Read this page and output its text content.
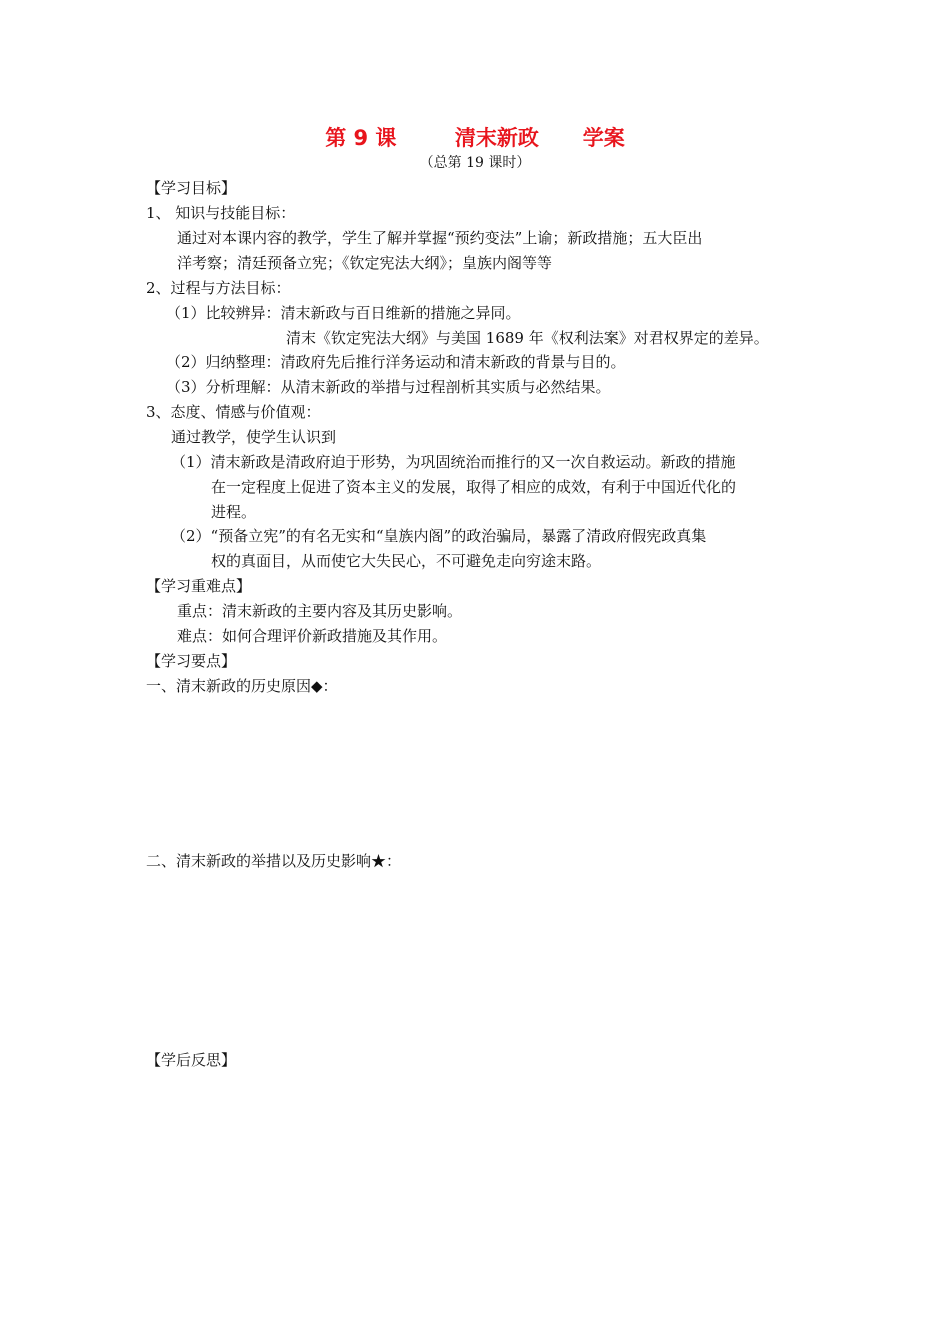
第 9 课        清末新政      学案
（总第 19 课时）
【学习目标】
1、 知识与技能目标：
通过对本课内容的教学，学生了解并掌握“预约变法”上谕；新政措施；五大臣出
洋考察；清廷预备立宪；《钦定宪法大纲》；皇族内阁等等
2、过程与方法目标：
（1）比较辨异：清末新政与百日维新的措施之异同。
清末《钦定宪法大纲》与美国 1689 年《权利法案》对君权界定的差异。
（2）归纳整理：清政府先后推行洋务运动和清末新政的背景与目的。
（3）分析理解：从清末新政的举措与过程剖析其实质与必然结果。
3、态度、情感与价值观：
通过教学，使学生认识到
（1）清末新政是清政府迫于形势，为巩固统治而推行的又一次自救运动。新政的措施
在一定程度上促进了资本主义的发展，取得了相应的成效，有利于中国近代化的
进程。
（2）“预备立宪”的有名无实和“皇族内阁”的政治骗局，暴露了清政府假宪政真集
权的真面目，从而使它大失民心，不可避免走向穷途末路。
【学习重难点】
重点：清末新政的主要内容及其历史影响。
难点：如何合理评价新政措施及其作用。
【学习要点】
一、清末新政的历史原因◆：
二、清末新政的举措以及历史影响★：
【学后反思】
